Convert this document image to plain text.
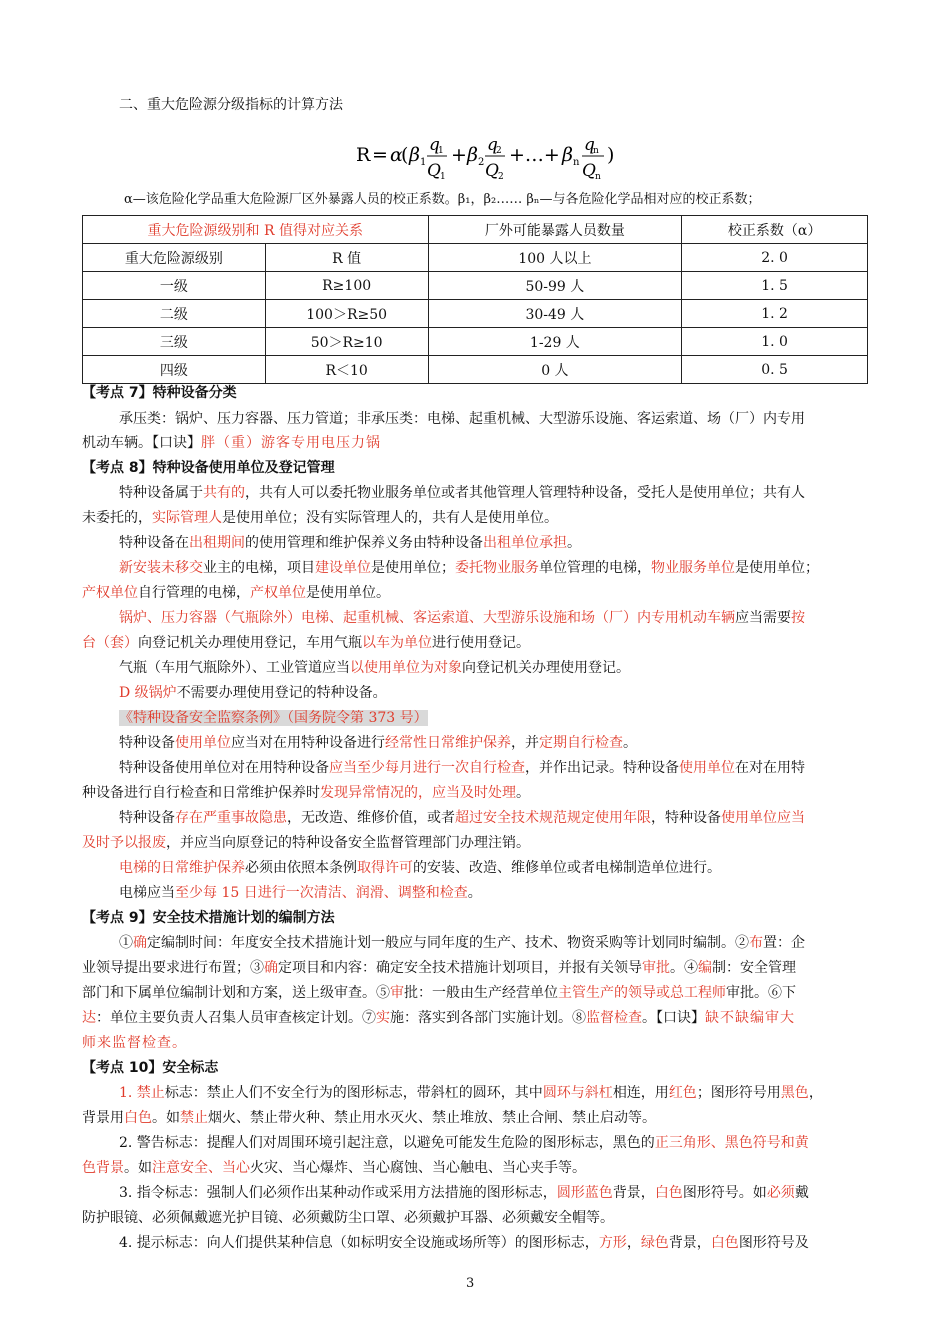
二、重大危险源分级指标的计算方法
R = α
( β 1
q
1
Q 1
+ β 2
q
2
Q 2
+…+ β n
q
n
Q n
)
α—该危险化学品重大危险源厂区外暴露人员的校正系数。β₁，β₂…… βₙ—与各危险化学品相对应的校正系数；
重大危险源级别和 R 值得对应关系		厂外可能暴露人员数量	校正系数（α）
重大危险源级别	R 值	100 人以上	2. 0
一级	R≥100	50-99 人	1. 5
二级	100＞R≥50	30-49 人	1. 2
三级	50＞R≥10	1-29 人	1. 0
四级	R＜10	0 人	0. 5
【考点 7】特种设备分类
承压类：锅炉、压力容器、压力管道；非承压类：电梯、起重机械、大型游乐设施、客运索道、场（厂）内专用
机动车辆。【口诀】胖（重）游客专用电压力锅
【考点 8】特种设备使用单位及登记管理
特种设备属于共有的，共有人可以委托物业服务单位或者其他管理人管理特种设备，受托人是使用单位；共有人
未委托的，实际管理人是使用单位；没有实际管理人的，共有人是使用单位。
特种设备在出租期间的使用管理和维护保养义务由特种设备出租单位承担。
新安装未移交业主的电梯，项目建设单位是使用单位；委托物业服务单位管理的电梯，物业服务单位是使用单位；
产权单位自行管理的电梯，产权单位是使用单位。
锅炉、压力容器（气瓶除外）电梯、起重机械、客运索道、大型游乐设施和场（厂）内专用机动车辆应当需要按
台（套）向登记机关办理使用登记，车用气瓶以车为单位进行使用登记。
气瓶（车用气瓶除外）、工业管道应当以使用单位为对象向登记机关办理使用登记。
D 级锅炉不需要办理使用登记的特种设备。
《特种设备安全监察条例》（国务院令第 373 号）
特种设备使用单位应当对在用特种设备进行经常性日常维护保养，并定期自行检查。
特种设备使用单位对在用特种设备应当至少每月进行一次自行检查，并作出记录。特种设备使用单位在对在用特
种设备进行自行检查和日常维护保养时发现异常情况的，应当及时处理。
特种设备存在严重事故隐患，无改造、维修价值，或者超过安全技术规范规定使用年限，特种设备使用单位应当
及时予以报废，并应当向原登记的特种设备安全监督管理部门办理注销。
电梯的日常维护保养必须由依照本条例取得许可的安装、改造、维修单位或者电梯制造单位进行。
电梯应当至少每 15 日进行一次清洁、润滑、调整和检查。
【考点 9】安全技术措施计划的编制方法
①确定编制时间：年度安全技术措施计划一般应与同年度的生产、技术、物资采购等计划同时编制。②布置：企
业领导提出要求进行布置；③确定项目和内容：确定安全技术措施计划项目，并报有关领导审批。④编制：安全管理
部门和下属单位编制计划和方案，送上级审查。⑤审批：一般由生产经营单位主管生产的领导或总工程师审批。⑥下
达：单位主要负责人召集人员审查核定计划。⑦实施：落实到各部门实施计划。⑧监督检查。【口诀】缺不缺编审大
师来监督检查。
【考点 10】安全标志
1. 禁止标志：禁止人们不安全行为的图形标志，带斜杠的圆环，其中圆环与斜杠相连，用红色；图形符号用黑色，
背景用白色。如禁止烟火、禁止带火种、禁止用水灭火、禁止堆放、禁止合闸、禁止启动等。
2. 警告标志：提醒人们对周围环境引起注意，以避免可能发生危险的图形标志，黑色的正三角形、黑色符号和黄
色背景。如注意安全、当心火灾、当心爆炸、当心腐蚀、当心触电、当心夹手等。
3. 指令标志：强制人们必须作出某种动作或采用方法措施的图形标志，圆形蓝色背景，白色图形符号。如必须戴
防护眼镜、必须佩戴遮光护目镜、必须戴防尘口罩、必须戴护耳器、必须戴安全帽等。
4. 提示标志：向人们提供某种信息（如标明安全设施或场所等）的图形标志，方形，绿色背景，白色图形符号及
3
